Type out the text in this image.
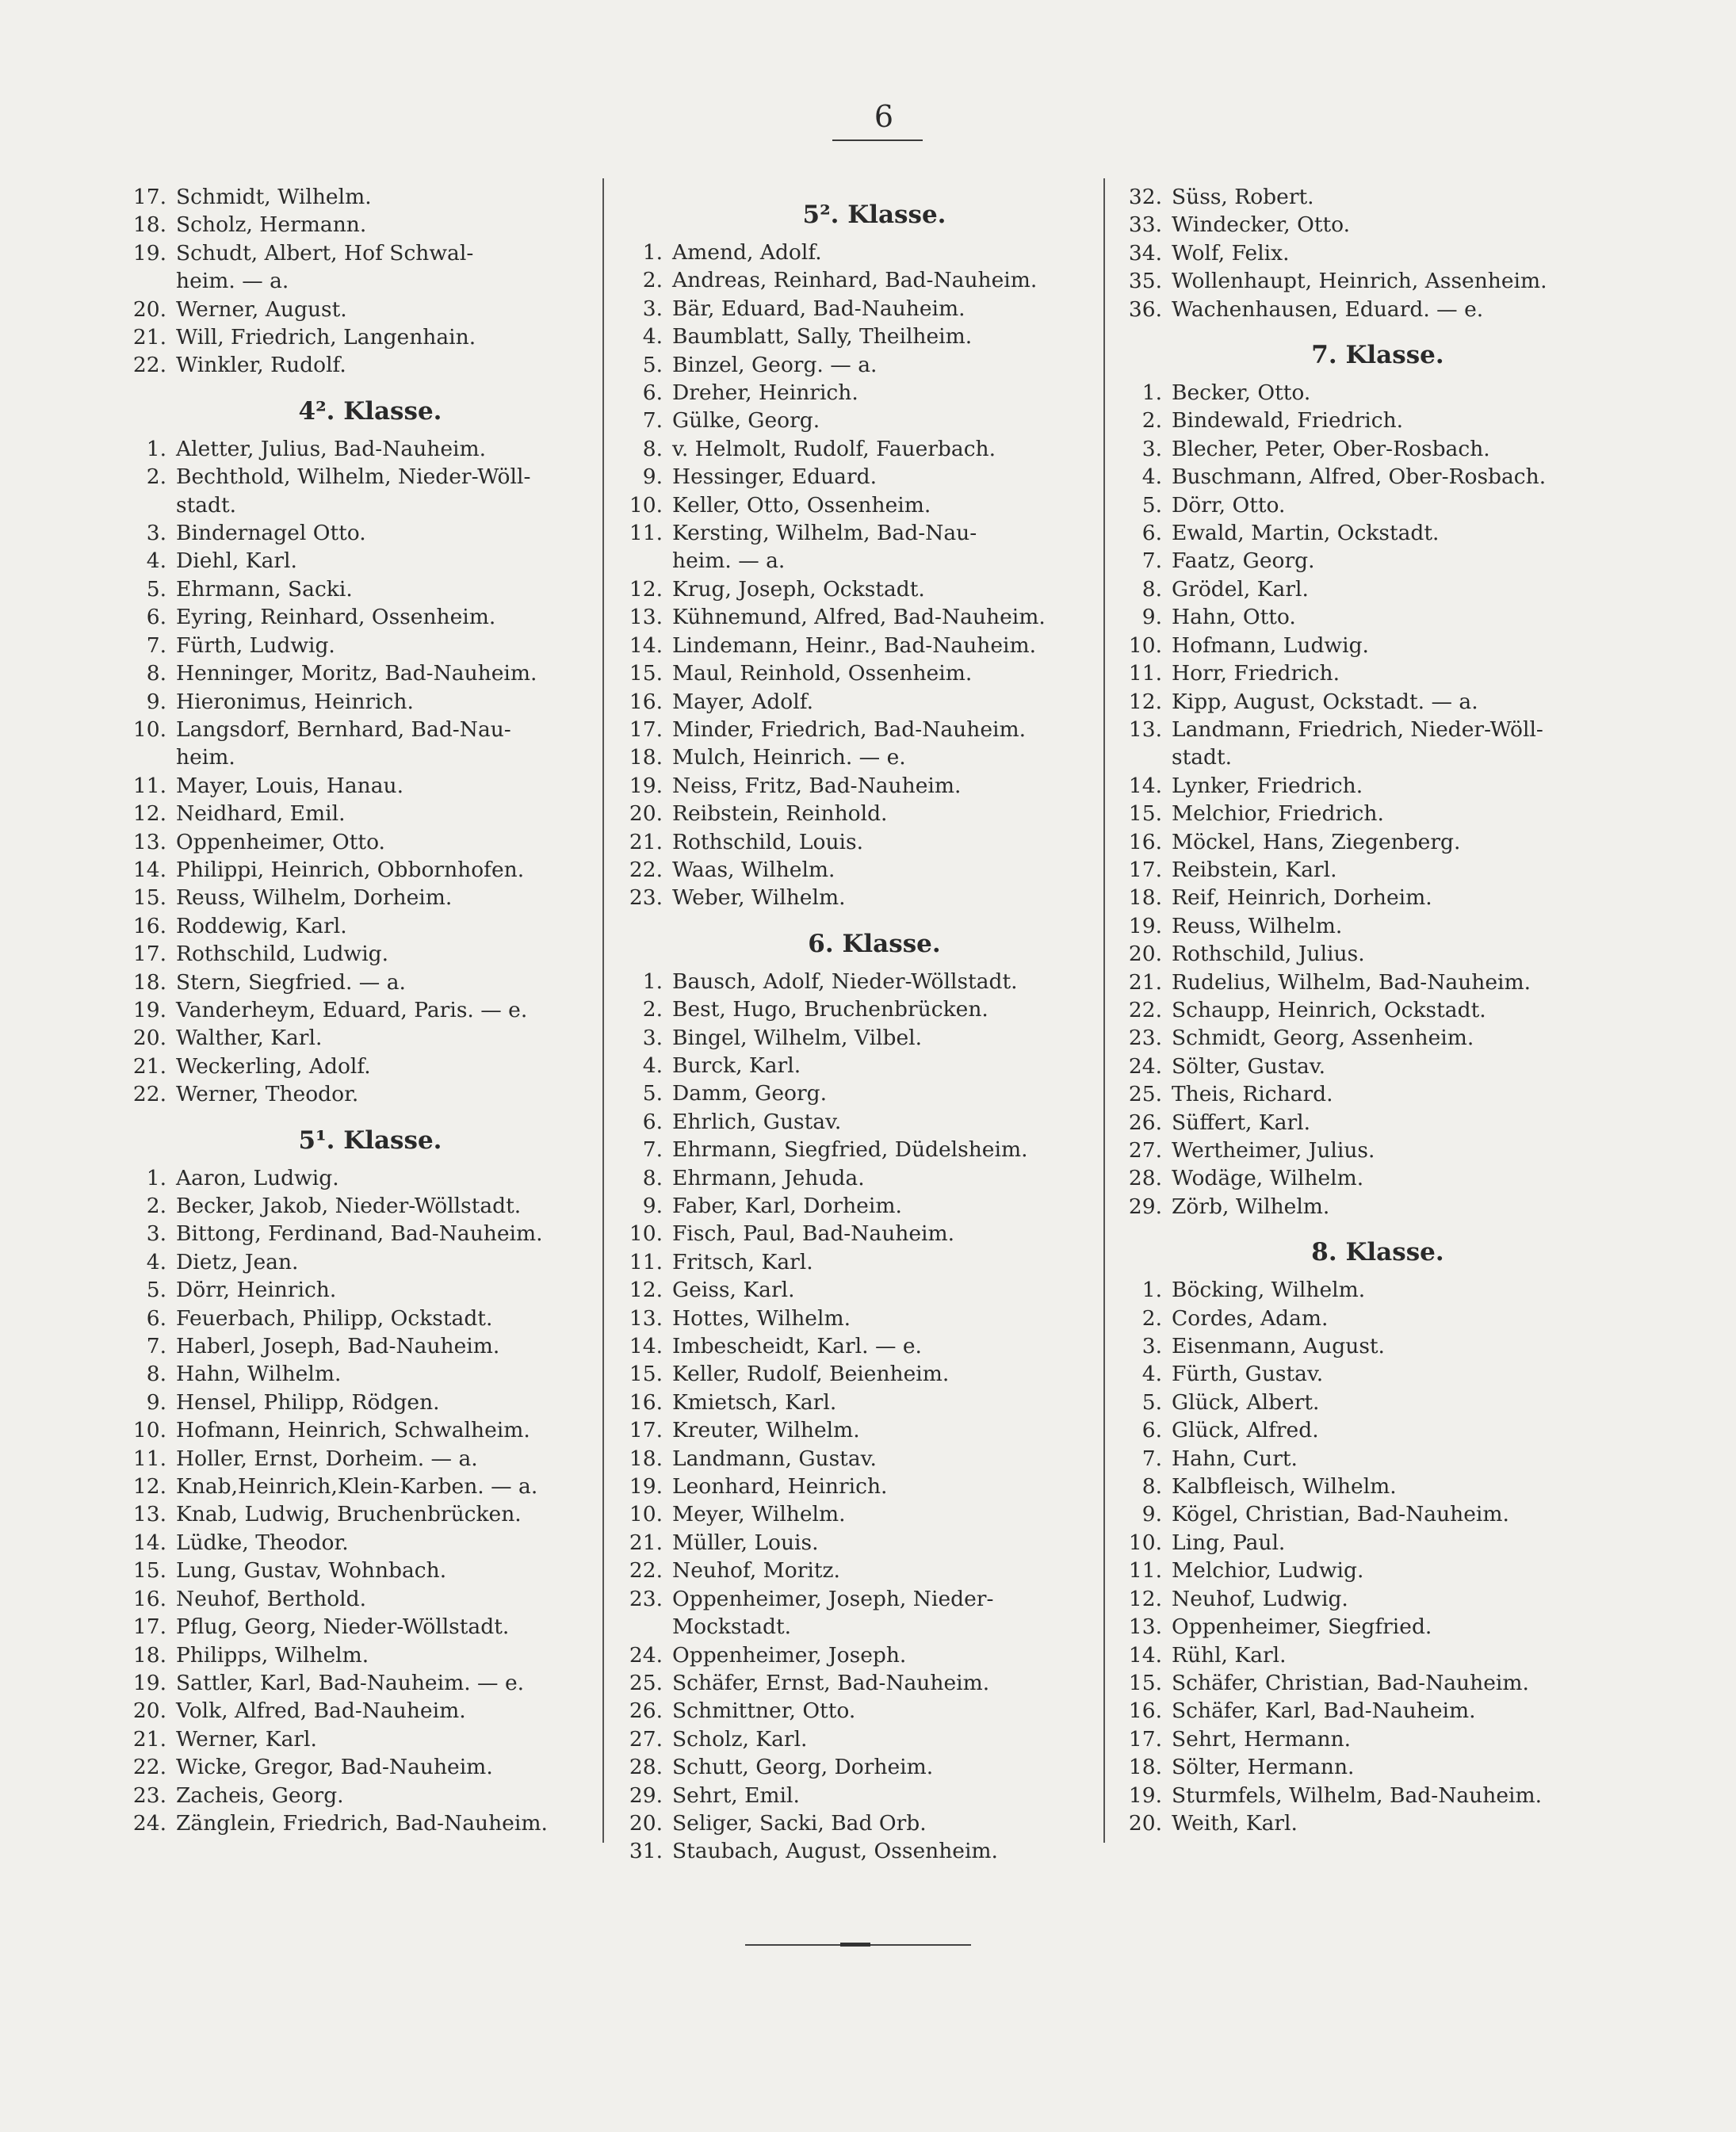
6
17. Schmidt, Wilhelm.
18. Scholz, Hermann.
19. Schudt, Albert, Hof Schwal-
heim. — a.
20. Werner, August.
21. Will, Friedrich, Langenhain.
22. Winkler, Rudolf.
4². Klasse.
1. Aletter, Julius, Bad-Nauheim.
2. Bechthold, Wilhelm, Nieder-Wöll-
stadt.
3. Bindernagel Otto.
4. Diehl, Karl.
5. Ehrmann, Sacki.
6. Eyring, Reinhard, Ossenheim.
7. Fürth, Ludwig.
8. Henninger, Moritz, Bad-Nauheim.
9. Hieronimus, Heinrich.
10. Langsdorf, Bernhard, Bad-Nau-
heim.
11. Mayer, Louis, Hanau.
12. Neidhard, Emil.
13. Oppenheimer, Otto.
14. Philippi, Heinrich, Obbornhofen.
15. Reuss, Wilhelm, Dorheim.
16. Roddewig, Karl.
17. Rothschild, Ludwig.
18. Stern, Siegfried. — a.
19. Vanderheym, Eduard, Paris. — e.
20. Walther, Karl.
21. Weckerling, Adolf.
22. Werner, Theodor.
5¹. Klasse.
1. Aaron, Ludwig.
2. Becker, Jakob, Nieder-Wöllstadt.
3. Bittong, Ferdinand, Bad-Nauheim.
4. Dietz, Jean.
5. Dörr, Heinrich.
6. Feuerbach, Philipp, Ockstadt.
7. Haberl, Joseph, Bad-Nauheim.
8. Hahn, Wilhelm.
9. Hensel, Philipp, Rödgen.
10. Hofmann, Heinrich, Schwalheim.
11. Holler, Ernst, Dorheim. — a.
12. Knab,Heinrich,Klein-Karben. — a.
13. Knab, Ludwig, Bruchenbrücken.
14. Lüdke, Theodor.
15. Lung, Gustav, Wohnbach.
16. Neuhof, Berthold.
17. Pflug, Georg, Nieder-Wöllstadt.
18. Philipps, Wilhelm.
19. Sattler, Karl, Bad-Nauheim. — e.
20. Volk, Alfred, Bad-Nauheim.
21. Werner, Karl.
22. Wicke, Gregor, Bad-Nauheim.
23. Zacheis, Georg.
24. Zänglein, Friedrich, Bad-Nauheim.
5². Klasse.
1. Amend, Adolf.
2. Andreas, Reinhard, Bad-Nauheim.
3. Bär, Eduard, Bad-Nauheim.
4. Baumblatt, Sally, Theilheim.
5. Binzel, Georg. — a.
6. Dreher, Heinrich.
7. Gülke, Georg.
8. v. Helmolt, Rudolf, Fauerbach.
9. Hessinger, Eduard.
10. Keller, Otto, Ossenheim.
11. Kersting, Wilhelm, Bad-Nau-
heim. — a.
12. Krug, Joseph, Ockstadt.
13. Kühnemund, Alfred, Bad-Nauheim.
14. Lindemann, Heinr., Bad-Nauheim.
15. Maul, Reinhold, Ossenheim.
16. Mayer, Adolf.
17. Minder, Friedrich, Bad-Nauheim.
18. Mulch, Heinrich. — e.
19. Neiss, Fritz, Bad-Nauheim.
20. Reibstein, Reinhold.
21. Rothschild, Louis.
22. Waas, Wilhelm.
23. Weber, Wilhelm.
6. Klasse.
1. Bausch, Adolf, Nieder-Wöllstadt.
2. Best, Hugo, Bruchenbrücken.
3. Bingel, Wilhelm, Vilbel.
4. Burck, Karl.
5. Damm, Georg.
6. Ehrlich, Gustav.
7. Ehrmann, Siegfried, Düdelsheim.
8. Ehrmann, Jehuda.
9. Faber, Karl, Dorheim.
10. Fisch, Paul, Bad-Nauheim.
11. Fritsch, Karl.
12. Geiss, Karl.
13. Hottes, Wilhelm.
14. Imbescheidt, Karl. — e.
15. Keller, Rudolf, Beienheim.
16. Kmietsch, Karl.
17. Kreuter, Wilhelm.
18. Landmann, Gustav.
19. Leonhard, Heinrich.
10. Meyer, Wilhelm.
21. Müller, Louis.
22. Neuhof, Moritz.
23. Oppenheimer, Joseph, Nieder-
Mockstadt.
24. Oppenheimer, Joseph.
25. Schäfer, Ernst, Bad-Nauheim.
26. Schmittner, Otto.
27. Scholz, Karl.
28. Schutt, Georg, Dorheim.
29. Sehrt, Emil.
20. Seliger, Sacki, Bad Orb.
31. Staubach, August, Ossenheim.
32. Süss, Robert.
33. Windecker, Otto.
34. Wolf, Felix.
35. Wollenhaupt, Heinrich, Assenheim.
36. Wachenhausen, Eduard. — e.
7. Klasse.
1. Becker, Otto.
2. Bindewald, Friedrich.
3. Blecher, Peter, Ober-Rosbach.
4. Buschmann, Alfred, Ober-Rosbach.
5. Dörr, Otto.
6. Ewald, Martin, Ockstadt.
7. Faatz, Georg.
8. Grödel, Karl.
9. Hahn, Otto.
10. Hofmann, Ludwig.
11. Horr, Friedrich.
12. Kipp, August, Ockstadt. — a.
13. Landmann, Friedrich, Nieder-Wöll-
stadt.
14. Lynker, Friedrich.
15. Melchior, Friedrich.
16. Möckel, Hans, Ziegenberg.
17. Reibstein, Karl.
18. Reif, Heinrich, Dorheim.
19. Reuss, Wilhelm.
20. Rothschild, Julius.
21. Rudelius, Wilhelm, Bad-Nauheim.
22. Schaupp, Heinrich, Ockstadt.
23. Schmidt, Georg, Assenheim.
24. Sölter, Gustav.
25. Theis, Richard.
26. Süffert, Karl.
27. Wertheimer, Julius.
28. Wodäge, Wilhelm.
29. Zörb, Wilhelm.
8. Klasse.
1. Böcking, Wilhelm.
2. Cordes, Adam.
3. Eisenmann, August.
4. Fürth, Gustav.
5. Glück, Albert.
6. Glück, Alfred.
7. Hahn, Curt.
8. Kalbfleisch, Wilhelm.
9. Kögel, Christian, Bad-Nauheim.
10. Ling, Paul.
11. Melchior, Ludwig.
12. Neuhof, Ludwig.
13. Oppenheimer, Siegfried.
14. Rühl, Karl.
15. Schäfer, Christian, Bad-Nauheim.
16. Schäfer, Karl, Bad-Nauheim.
17. Sehrt, Hermann.
18. Sölter, Hermann.
19. Sturmfels, Wilhelm, Bad-Nauheim.
20. Weith, Karl.
